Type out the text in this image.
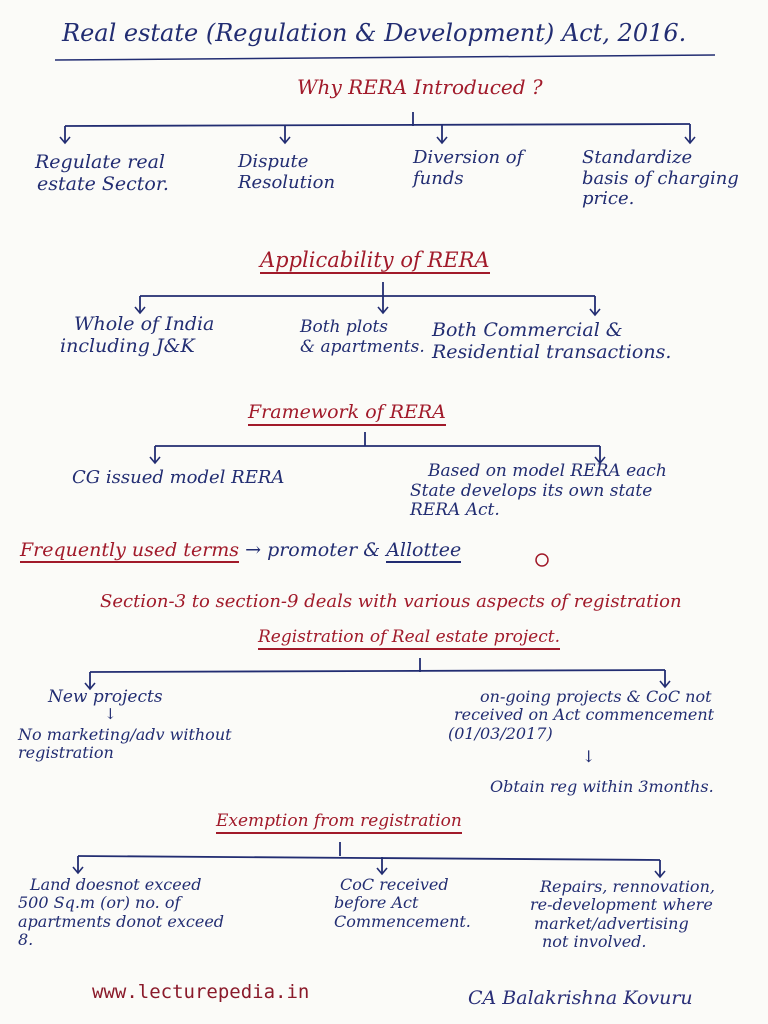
Real estate (Regulation & Development) Act, 2016.
Why RERA Introduced ?
Regulate real
estate Sector.
Dispute
Resolution
Diversion of
funds
Standardize
basis of charging
price.
Applicability of RERA
Whole of India
including J&K
Both plots
& apartments.
Both Commercial &
Residential transactions.
Framework of RERA
CG issued model RERA	Based on model RERA each
State develops its own state
RERA Act.
Frequently used terms → promoter & Allottee
Section-3 to section-9 deals with various aspects of registration
Registration of Real estate project.
New projects
↓
No marketing/adv without
registration
on-going projects & CoC not
received on Act commencement
(01/03/2017)
↓
Obtain reg within 3months.
Exemption from registration
Land doesnot exceed
500 Sq.m (or) no. of
apartments donot exceed
8.
CoC received
before Act
Commencement.
Repairs, rennovation,
re-development where
market/advertising
not involved.
www.lecturepedia.in	CA Balakrishna Kovuru
